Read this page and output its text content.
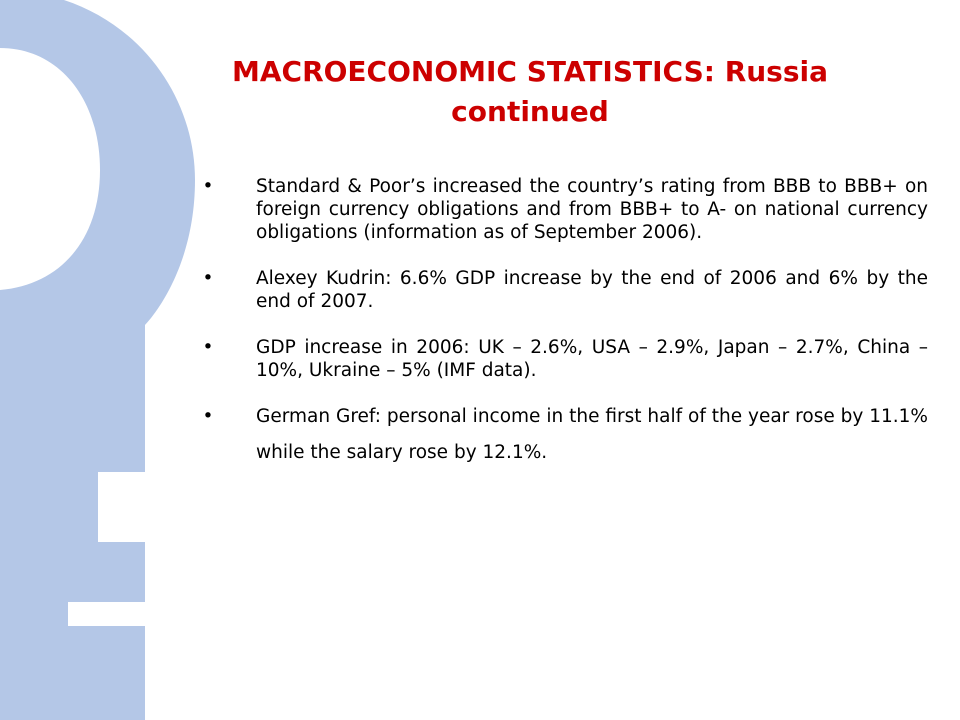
MACROECONOMIC STATISTICS: Russia
continued
• Standard & Poor’s increased the country’s rating from BBB to BBB+ on foreign currency obligations and from BBB+ to A- on national currency obligations (information as of September 2006).
• Alexey Kudrin: 6.6% GDP increase by the end of 2006 and 6% by the end of 2007.
• GDP increase in 2006: UK – 2.6%, USA – 2.9%, Japan – 2.7%, China – 10%, Ukraine – 5% (IMF data).
• German Gref: personal income in the first half of the year rose by 11.1% while the salary rose by 12.1%.
